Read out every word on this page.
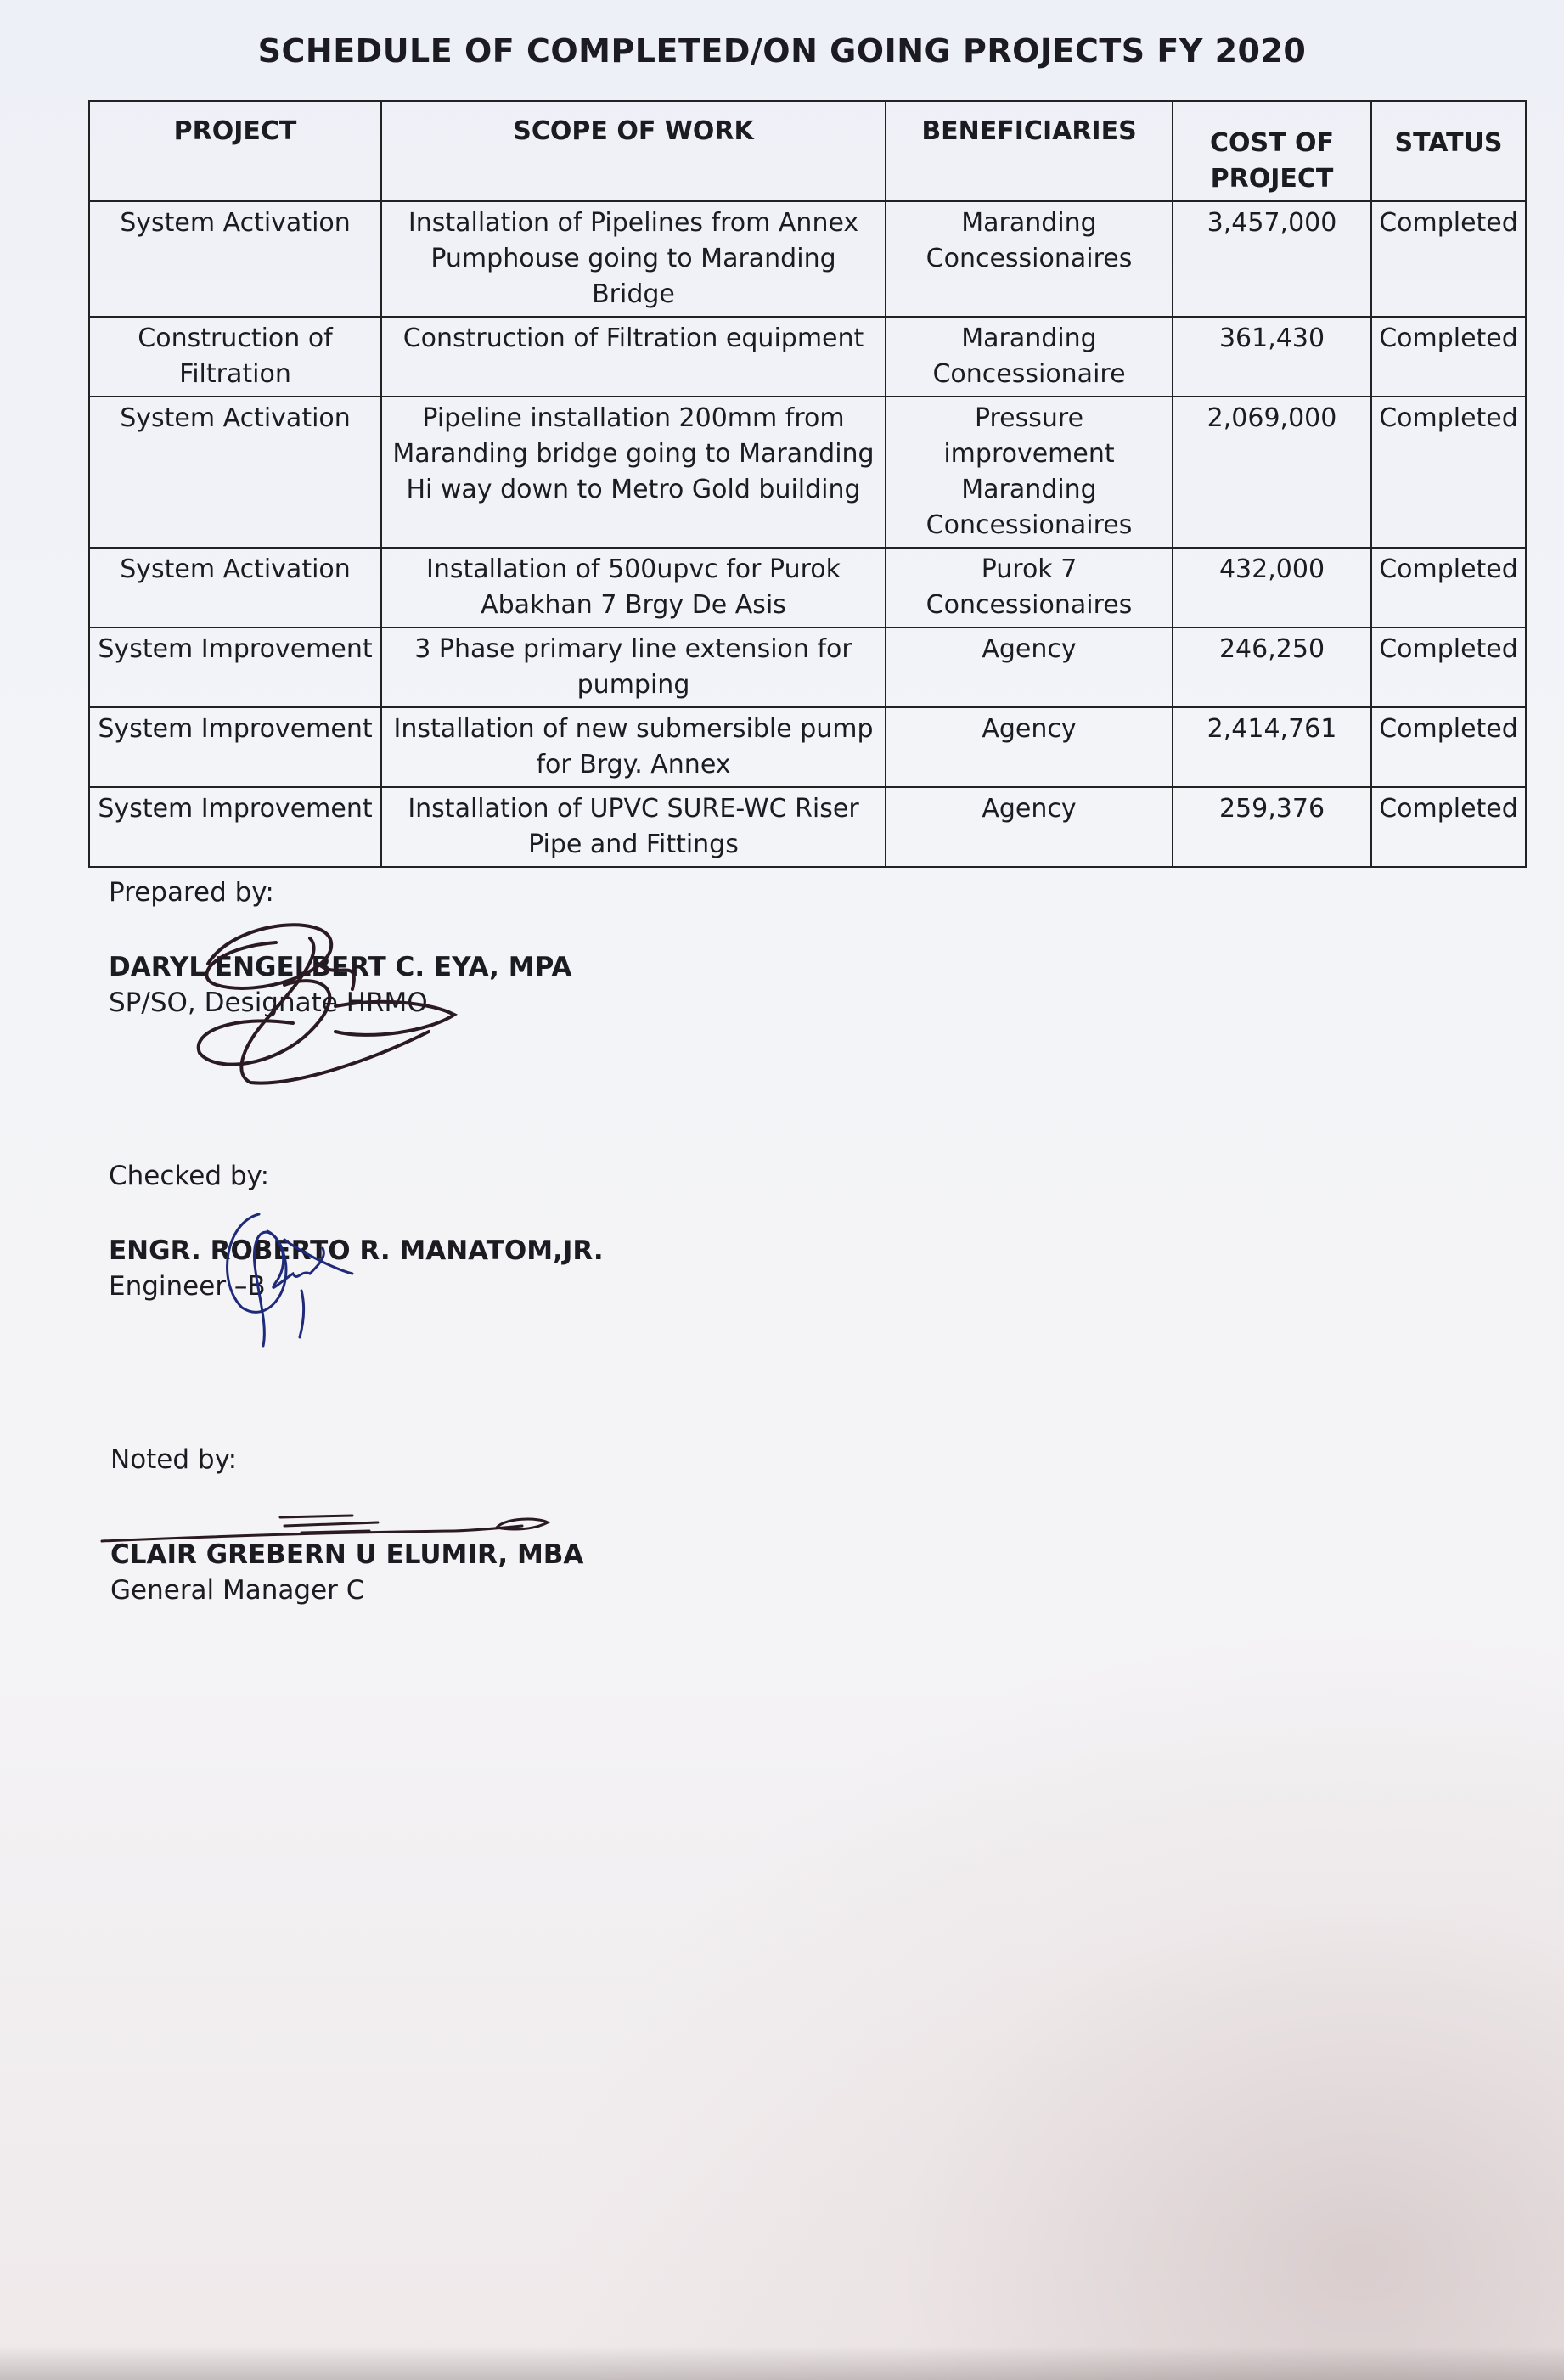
SCHEDULE OF COMPLETED/ON GOING PROJECTS FY 2020
PROJECT	SCOPE OF WORK	BENEFICIARIES	COST OF PROJECT	STATUS
System Activation	Installation of Pipelines from Annex Pumphouse going to Maranding Bridge	Maranding Concessionaires	3,457,000	Completed
Construction of Filtration	Construction of Filtration equipment	Maranding Concessionaire	361,430	Completed
System Activation	Pipeline installation 200mm from Maranding bridge going to Maranding Hi way down to Metro Gold building	Pressure improvement Maranding Concessionaires	2,069,000	Completed
System Activation	Installation of 500upvc for Purok Abakhan 7 Brgy De Asis	Purok 7 Concessionaires	432,000	Completed
System Improvement	3 Phase primary line extension for pumping	Agency	246,250	Completed
System Improvement	Installation of new submersible pump for Brgy. Annex	Agency	2,414,761	Completed
System Improvement	Installation of UPVC SURE-WC Riser Pipe and Fittings	Agency	259,376	Completed
Prepared by:
DARYL ENGELBERT C. EYA, MPA
SP/SO, Designate HRMO
Checked by:
ENGR. ROBERTO R. MANATOM,JR.
Engineer –B
Noted by:
CLAIR GREBERN U ELUMIR, MBA
General Manager C
